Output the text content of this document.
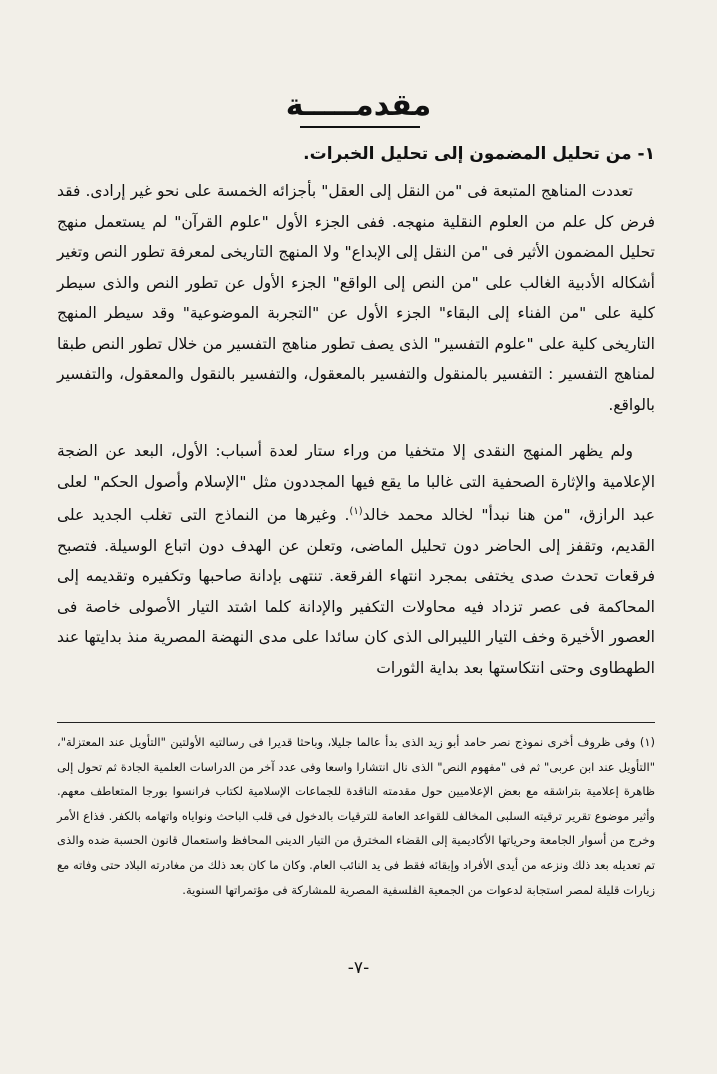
مقدمـــــة
١- من تحليل المضمون إلى تحليل الخبرات.

تعددت المناهج المتبعة فى "من النقل إلى العقل" بأجزائه الخمسة على نحو غير إرادى. فقد فرض كل علم من العلوم النقلية منهجه. ففى الجزء الأول "علوم القرآن" لم يستعمل منهج تحليل المضمون الأثير فى "من النقل إلى الإبداع" ولا المنهج التاريخى لمعرفة تطور النص وتغير أشكاله الأدبية الغالب على "من النص إلى الواقع" الجزء الأول عن تطور النص والذى سيطر كلية على "من الفناء إلى البقاء" الجزء الأول عن "التجربة الموضوعية" وقد سيطر المنهج التاريخى كلية على "علوم التفسير" الذى يصف تطور مناهج التفسير من خلال تطور النص طبقا لمناهج التفسير : التفسير بالمنقول والتفسير بالمعقول، والتفسير بالنقول والمعقول، والتفسير بالواقع.

ولم يظهر المنهج النقدى إلا متخفيا من وراء ستار لعدة أسباب: الأول، البعد عن الضجة الإعلامية والإثارة الصحفية التى غالبا ما يقع فيها المجددون مثل "الإسلام وأصول الحكم" لعلى عبد الرازق، "من هنا نبدأ" لخالد محمد خالد$^{(١)}$. وغيرها من النماذج التى تغلب الجديد على القديم، وتقفز إلى الحاضر دون تحليل الماضى، وتعلن عن الهدف دون اتباع الوسيلة. فتصبح فرقعات تحدث صدى يختفى بمجرد انتهاء الفرقعة. تنتهى بإدانة صاحبها وتكفيره وتقديمه إلى المحاكمة فى عصر تزداد فيه محاولات التكفير والإدانة كلما اشتد التيار الأصولى خاصة فى العصور الأخيرة وخف التيار الليبرالى الذى كان سائدا على مدى النهضة المصرية منذ بدايتها عند الطهطاوى وحتى انتكاستها بعد بداية الثورات

(١) وفى ظروف أخرى نموذج نصر حامد أبو زيد الذى بدأ عالما جليلا، وباحثا قديرا فى رسالتيه الأولتين "التأويل عند المعتزلة"، "التأويل عند ابن عربى" ثم فى "مفهوم النص" الذى نال انتشارا واسعا وفى عدد آخر من الدراسات العلمية الجادة ثم تحول إلى ظاهرة إعلامية بتراشقه مع بعض الإعلاميين حول مقدمته الناقدة للجماعات الإسلامية لكتاب فرانسوا بورجا المتعاطف معهم. وأثير موضوع تقرير ترقيته السلبى المخالف للقواعد العامة للترقيات بالدخول فى قلب الباحث ونواياه واتهامه بالكفر. فذاع الأمر وخرج من أسوار الجامعة وحرياتها الأكاديمية إلى القضاء المخترق من التيار الدينى المحافظ واستعمال قانون الحسبة ضده والذى تم تعديله بعد ذلك ونزعه من أيدى الأفراد وإبقائه فقط فى يد النائب العام. وكان ما كان بعد ذلك من مغادرته البلاد حتى وفاته مع زيارات قليلة لمصر استجابة لدعوات من الجمعية الفلسفية المصرية للمشاركة فى مؤتمراتها السنوية.
-٧-
